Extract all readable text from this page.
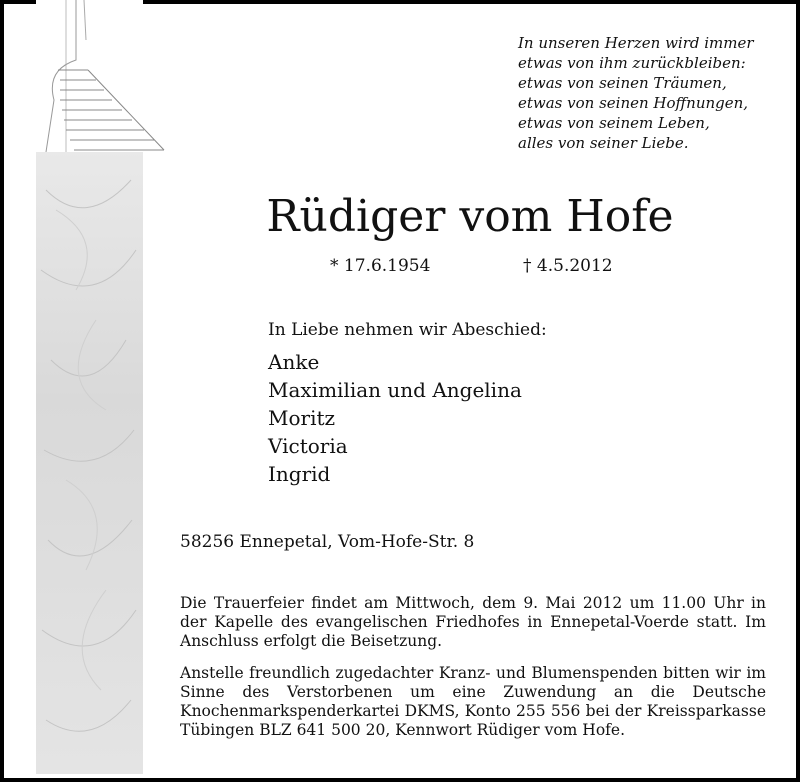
In unseren Herzen wird immer
etwas von ihm zurückbleiben:
etwas von seinen Träumen,
etwas von seinen Hoffnungen,
etwas von seinem Leben,
alles von seiner Liebe.
Rüdiger vom Hofe
* 17.6.1954	† 4.5.2012
In Liebe nehmen wir Abeschied:
Anke
Maximilian und Angelina
Moritz
Victoria
Ingrid
58256 Ennepetal, Vom-Hofe-Str. 8
Die Trauerfeier findet am Mittwoch, dem 9. Mai 2012 um 11.00 Uhr in der Kapelle des evangelischen Friedhofes in Ennepetal-Voerde statt. Im Anschluss erfolgt die Beisetzung.
Anstelle freundlich zugedachter Kranz- und Blumenspenden bitten wir im Sinne des Verstorbenen um eine Zuwendung an die Deutsche Knochenmarkspenderkartei DKMS, Konto 255 556 bei der Kreissparkasse Tübingen BLZ 641 500 20, Kennwort Rüdiger vom Hofe.
